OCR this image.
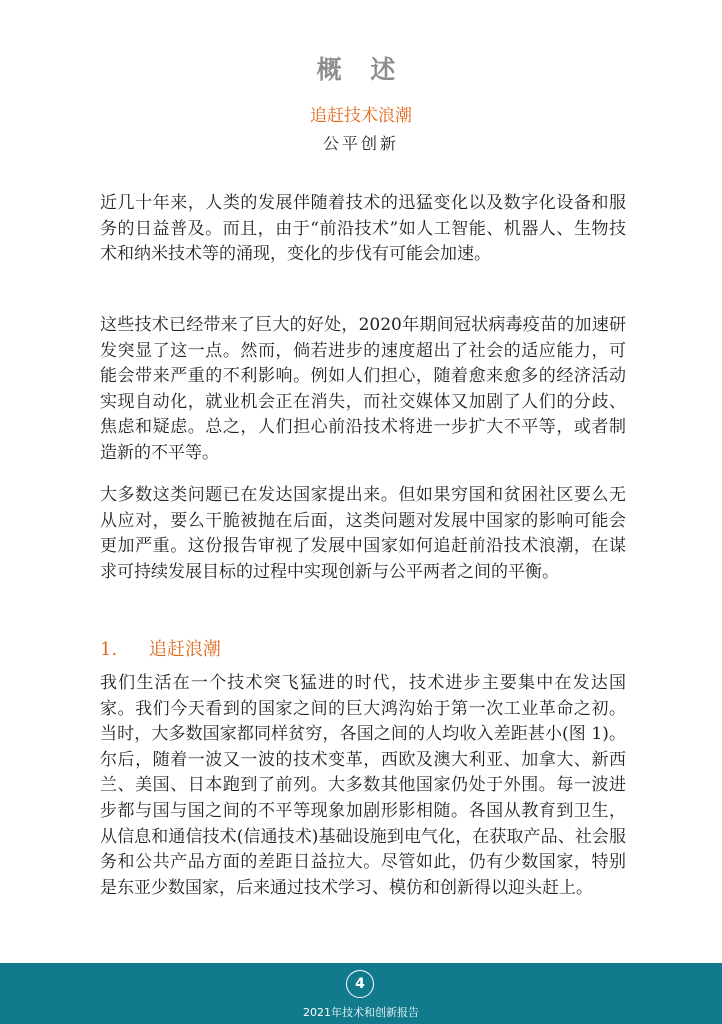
概 述
追赶技术浪潮
公平创新

近几十年来，人类的发展伴随着技术的迅猛变化以及数字化设备和服务的日益普及。而且，由于“前沿技术”如人工智能、机器人、生物技术和纳米技术等的涌现，变化的步伐有可能会加速。

这些技术已经带来了巨大的好处，2020年期间冠状病毒疫苗的加速研发突显了这一点。然而，倘若进步的速度超出了社会的适应能力，可能会带来严重的不利影响。例如人们担心，随着愈来愈多的经济活动实现自动化，就业机会正在消失，而社交媒体又加剧了人们的分歧、焦虑和疑虑。总之，人们担心前沿技术将进一步扩大不平等，或者制造新的不平等。

大多数这类问题已在发达国家提出来。但如果穷国和贫困社区要么无从应对，要么干脆被抛在后面，这类问题对发展中国家的影响可能会更加严重。这份报告审视了发展中国家如何追赶前沿技术浪潮，在谋求可持续发展目标的过程中实现创新与公平两者之间的平衡。

1. 追赶浪潮

我们生活在一个技术突飞猛进的时代，技术进步主要集中在发达国家。我们今天看到的国家之间的巨大鸿沟始于第一次工业革命之初。当时，大多数国家都同样贫穷，各国之间的人均收入差距甚小(图 1)。尔后，随着一波又一波的技术变革，西欧及澳大利亚、加拿大、新西兰、美国、日本跑到了前列。大多数其他国家仍处于外围。每一波进步都与国与国之间的不平等现象加剧形影相随。各国从教育到卫生，从信息和通信技术(信通技术)基础设施到电气化，在获取产品、社会服务和公共产品方面的差距日益拉大。尽管如此，仍有少数国家，特别是东亚少数国家，后来通过技术学习、模仿和创新得以迎头赶上。

4
2021年技术和创新报告
